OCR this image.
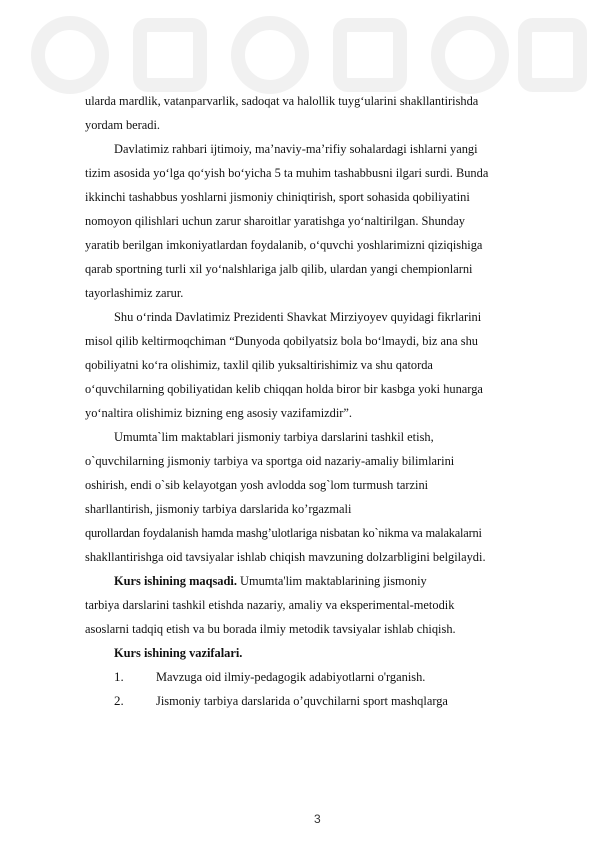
ularda mardlik, vatanparvarlik, sadoqat va halollik tuyg‘ularini shakllantirishda
yordam beradi.
Davlatimiz rahbari ijtimoiy, ma’naviy-ma’rifiy sohalardagi ishlarni yangi
tizim asosida yo‘lga qo‘yish bo‘yicha 5 ta muhim tashabbusni ilgari surdi. Bunda
ikkinchi tashabbus yoshlarni jismoniy chiniqtirish, sport sohasida qobiliyatini
nomoyon qilishlari uchun zarur sharoitlar yaratishga yo‘naltirilgan. Shunday
yaratib berilgan imkoniyatlardan foydalanib, o‘quvchi yoshlarimizni qiziqishiga
qarab sportning turli xil yo‘nalshlariga jalb qilib, ulardan yangi chempionlarni
tayorlashimiz zarur.
Shu o‘rinda Davlatimiz Prezidenti Shavkat Mirziyoyev quyidagi fikrlarini
misol qilib keltirmoqchiman “Dunyoda qobilyatsiz bola bo‘lmaydi, biz ana shu
qobiliyatni ko‘ra olishimiz, taxlil qilib yuksaltirishimiz va shu qatorda
o‘quvchilarning qobiliyatidan kelib chiqqan holda biror bir kasbga yoki hunarga
yo‘naltira olishimiz bizning eng asosiy vazifamizdir”.
Umumta`lim maktablari jismoniy tarbiya darslarini tashkil etish,
o`quvchilarning jismoniy tarbiya va sportga oid nazariy-amaliy bilimlarini
oshirish, endi o`sib kelayotgan yosh avlodda sog`lom turmush tarzini
sharllantirish, jismoniy tarbiya darslarida ko’rgazmali
qurollardan foydalanish hamda mashg’ulotlariga nisbatan ko`nikma va malakalarni
shakllantirishga oid tavsiyalar ishlab chiqish mavzuning dolzarbligini belgilaydi.
Kurs ishining maqsadi. Umumta'lim maktablarining jismoniy
tarbiya darslarini tashkil etishda nazariy, amaliy va eksperimental-metodik
asoslarni tadqiq etish va bu borada ilmiy metodik tavsiyalar ishlab chiqish.
Kurs ishining vazifalari.
1.	Mavzuga oid ilmiy-pedagogik adabiyotlarni o'rganish.
2.	Jismoniy tarbiya darslarida o’quvchilarni sport mashqlarga
3
